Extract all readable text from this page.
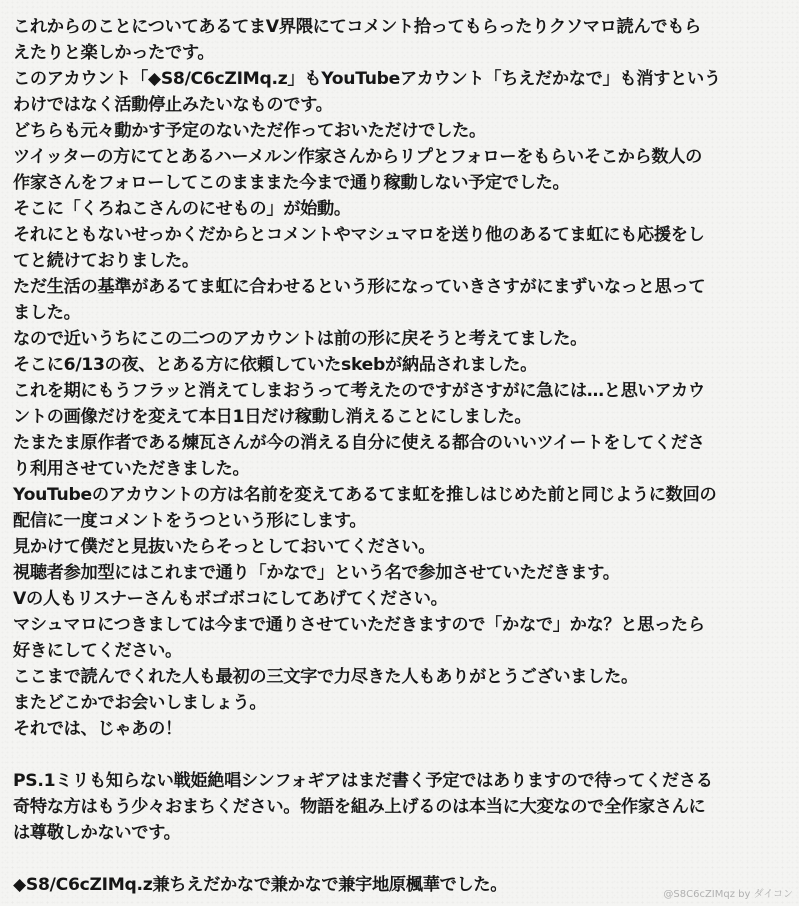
これからのことについてあるてまV界隈にてコメント拾ってもらったりクソマロ読んでもら
えたりと楽しかったです。
このアカウント「◆S8/C6cZIMq.z」もYouTubeアカウント「ちえだかなで」も消すという
わけではなく活動停止みたいなものです。
どちらも元々動かす予定のないただ作っておいただけでした。
ツイッターの方にてとあるハーメルン作家さんからリプとフォローをもらいそこから数人の
作家さんをフォローしてこのまままた今まで通り稼動しない予定でした。
そこに「くろねこさんのにせもの」が始動。
それにともないせっかくだからとコメントやマシュマロを送り他のあるてま虹にも応援をし
てと続けておりました。
ただ生活の基準があるてま虹に合わせるという形になっていきさすがにまずいなっと思って
ました。
なので近いうちにこの二つのアカウントは前の形に戻そうと考えてました。
そこに6/13の夜、とある方に依頼していたskebが納品されました。
これを期にもうフラッと消えてしまおうって考えたのですがさすがに急には…と思いアカウ
ントの画像だけを変えて本日1日だけ稼動し消えることにしました。
たまたま原作者である煉瓦さんが今の消える自分に使える都合のいいツイートをしてくださ
り利用させていただきました。
YouTubeのアカウントの方は名前を変えてあるてま虹を推しはじめた前と同じように数回の
配信に一度コメントをうつという形にします。
見かけて僕だと見抜いたらそっとしておいてください。
視聴者参加型にはこれまで通り「かなで」という名で参加させていただきます。
Vの人もリスナーさんもボゴボコにしてあげてください。
マシュマロにつきましては今まで通りさせていただきますので「かなで」かな？と思ったら
好きにしてください。
ここまで読んでくれた人も最初の三文字で力尽きた人もありがとうございました。
またどこかでお会いしましょう。
それでは、じゃあの！
PS.1ミリも知らない戦姫絶唱シンフォギアはまだ書く予定ではありますので待ってくださる
奇特な方はもう少々おまちください。物語を組み上げるのは本当に大変なので全作家さんに
は尊敬しかないです。
◆S8/C6cZIMq.z兼ちえだかなで兼かなで兼宇地原楓華でした。	@S8C6cZIMqz by ダイコン
